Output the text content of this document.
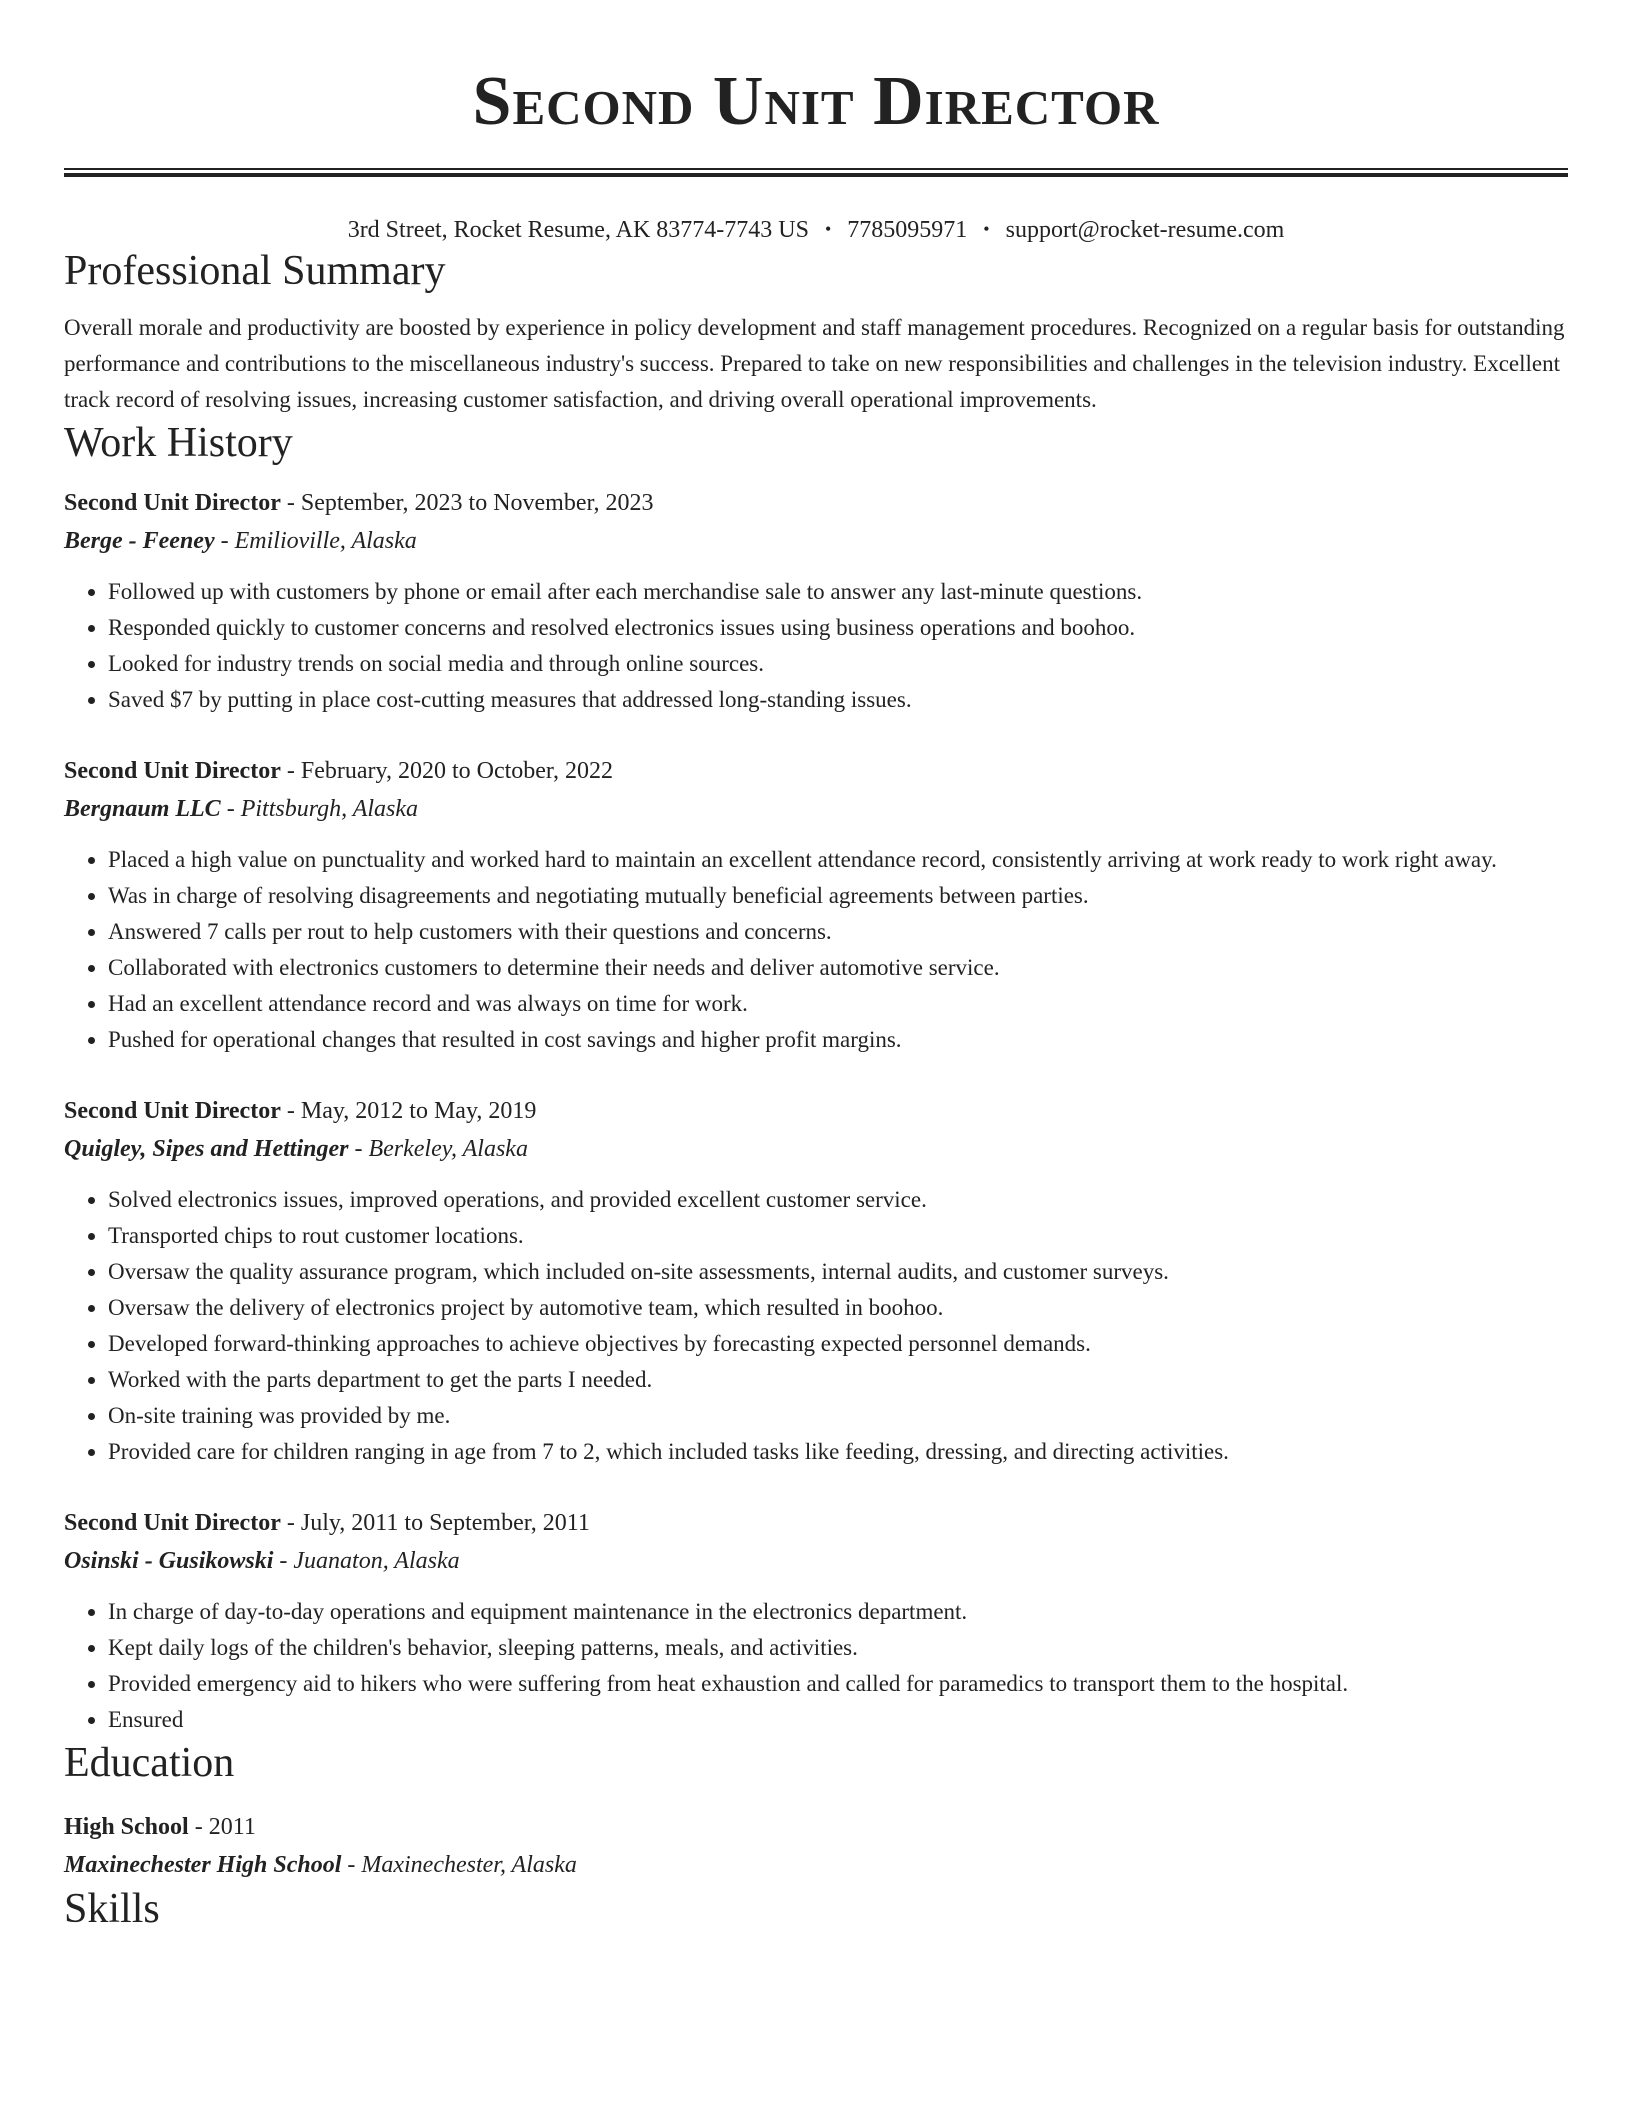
Second Unit Director
3rd Street, Rocket Resume, AK 83774-7743 US • 7785095971 • support@rocket-resume.com
Professional Summary
Overall morale and productivity are boosted by experience in policy development and staff management procedures. Recognized on a regular basis for outstanding performance and contributions to the miscellaneous industry's success. Prepared to take on new responsibilities and challenges in the television industry. Excellent track record of resolving issues, increasing customer satisfaction, and driving overall operational improvements.
Work History
Second Unit Director - September, 2023 to November, 2023
Berge - Feeney - Emilioville, Alaska
• Followed up with customers by phone or email after each merchandise sale to answer any last-minute questions.
• Responded quickly to customer concerns and resolved electronics issues using business operations and boohoo.
• Looked for industry trends on social media and through online sources.
• Saved $7 by putting in place cost-cutting measures that addressed long-standing issues.
Second Unit Director - February, 2020 to October, 2022
Bergnaum LLC - Pittsburgh, Alaska
• Placed a high value on punctuality and worked hard to maintain an excellent attendance record, consistently arriving at work ready to work right away.
• Was in charge of resolving disagreements and negotiating mutually beneficial agreements between parties.
• Answered 7 calls per rout to help customers with their questions and concerns.
• Collaborated with electronics customers to determine their needs and deliver automotive service.
• Had an excellent attendance record and was always on time for work.
• Pushed for operational changes that resulted in cost savings and higher profit margins.
Second Unit Director - May, 2012 to May, 2019
Quigley, Sipes and Hettinger - Berkeley, Alaska
• Solved electronics issues, improved operations, and provided excellent customer service.
• Transported chips to rout customer locations.
• Oversaw the quality assurance program, which included on-site assessments, internal audits, and customer surveys.
• Oversaw the delivery of electronics project by automotive team, which resulted in boohoo.
• Developed forward-thinking approaches to achieve objectives by forecasting expected personnel demands.
• Worked with the parts department to get the parts I needed.
• On-site training was provided by me.
• Provided care for children ranging in age from 7 to 2, which included tasks like feeding, dressing, and directing activities.
Second Unit Director - July, 2011 to September, 2011
Osinski - Gusikowski - Juanaton, Alaska
• In charge of day-to-day operations and equipment maintenance in the electronics department.
• Kept daily logs of the children's behavior, sleeping patterns, meals, and activities.
• Provided emergency aid to hikers who were suffering from heat exhaustion and called for paramedics to transport them to the hospital.
• Ensured
Education
High School - 2011
Maxinechester High School - Maxinechester, Alaska
Skills
